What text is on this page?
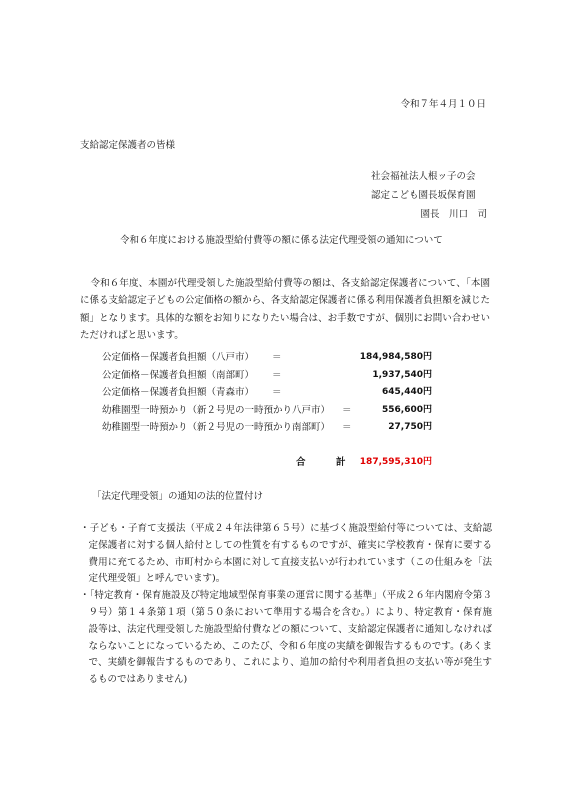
令和７年４月１０日

支給認定保護者の皆様

社会福祉法人根ッ子の会
認定こども園長坂保育園
園長　川口　司

令和６年度における施設型給付費等の額に係る法定代理受領の通知について

令和６年度、本園が代理受領した施設型給付費等の額は、各支給認定保護者について、｢本園に係る支給認定子どもの公定価格の額から、各支給認定保護者に係る利用保護者負担額を減じた額」となります。具体的な額をお知りになりたい場合は、お手数ですが、個別にお問い合わせいただければと思います。

公定価格－保護者負担額（八戸市） ＝	184,984,580円
公定価格－保護者負担額（南部町） ＝	1,937,540円
公定価格－保護者負担額（青森市） ＝	645,440円
幼稚園型一時預かり（新２号児の一時預かり八戸市） ＝	556,600円
幼稚園型一時預かり（新２号児の一時預かり南部町） ＝	27,750円
合	計 187,595,310円

「法定代理受領」の通知の法的位置付け

・子ども・子育て支援法（平成２４年法律第６５号）に基づく施設型給付等については、支給認定保護者に対する個人給付としての性質を有するものですが、確実に学校教育・保育に要する費用に充てるため、市町村から本園に対して直接支払いが行われています（この仕組みを「法定代理受領」と呼んでいます)。
・｢特定教育・保育施設及び特定地域型保育事業の運営に関する基準」（平成２６年内閣府令第３９号）第１４条第１項（第５０条において準用する場合を含む。）により、特定教育・保育施設等は、法定代理受領した施設型給付費などの額について、支給認定保護者に通知しなければならないことになっているため、このたび、令和６年度の実績を御報告するものです。(あくまで、実績を御報告するものであり、これにより、追加の給付や利用者負担の支払い等が発生するものではありません)
